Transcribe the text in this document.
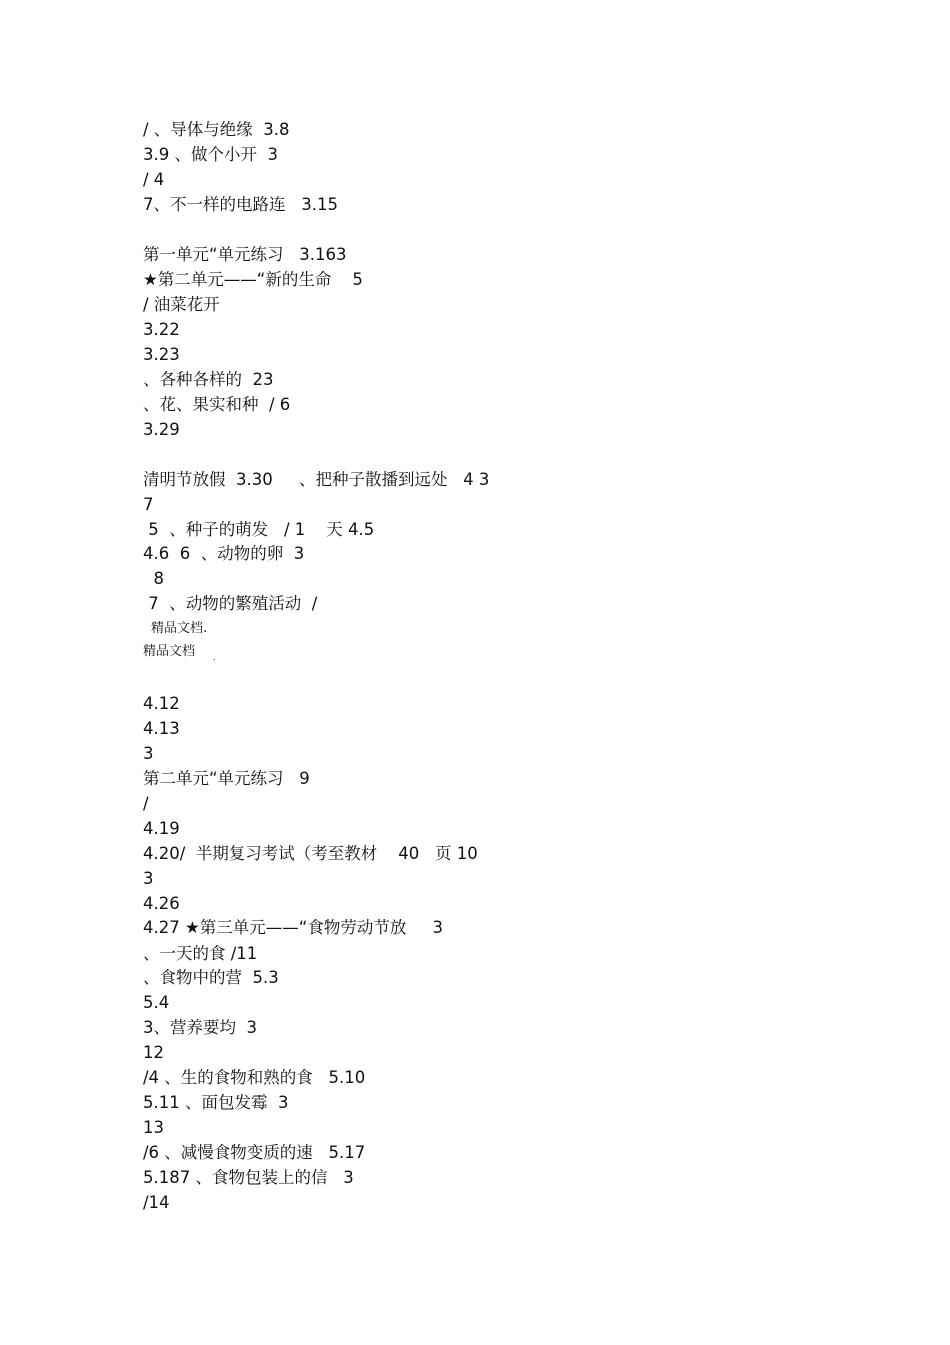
/ 、导体与绝缘  3.8
3.9 、做个小开  3
/ 4
7、不一样的电路连   3.15
第一单元“单元练习   3.163
★第二单元——“新的生命    5
/ 油菜花开
3.22
3.23
、各种各样的  23
、花、果实和种  / 6
3.29
清明节放假  3.30     、把种子散播到远处   4 3
7
5  、种子的萌发   / 1    天 4.5
4.6  6  、动物的卵  3
8
7  、动物的繁殖活动  /
精品文档.
精品文档 .
4.12
4.13
3
第二单元“单元练习   9
/
4.19
4.20/  半期复习考试（考至教材    40   页 10
3
4.26
4.27 ★第三单元——“食物劳动节放     3
、一天的食 /11
、食物中的营  5.3
5.4
3、营养要均  3
12
/4 、生的食物和熟的食   5.10
5.11 、面包发霉  3
13
/6 、减慢食物变质的速   5.17
5.187 、食物包装上的信   3
/14
